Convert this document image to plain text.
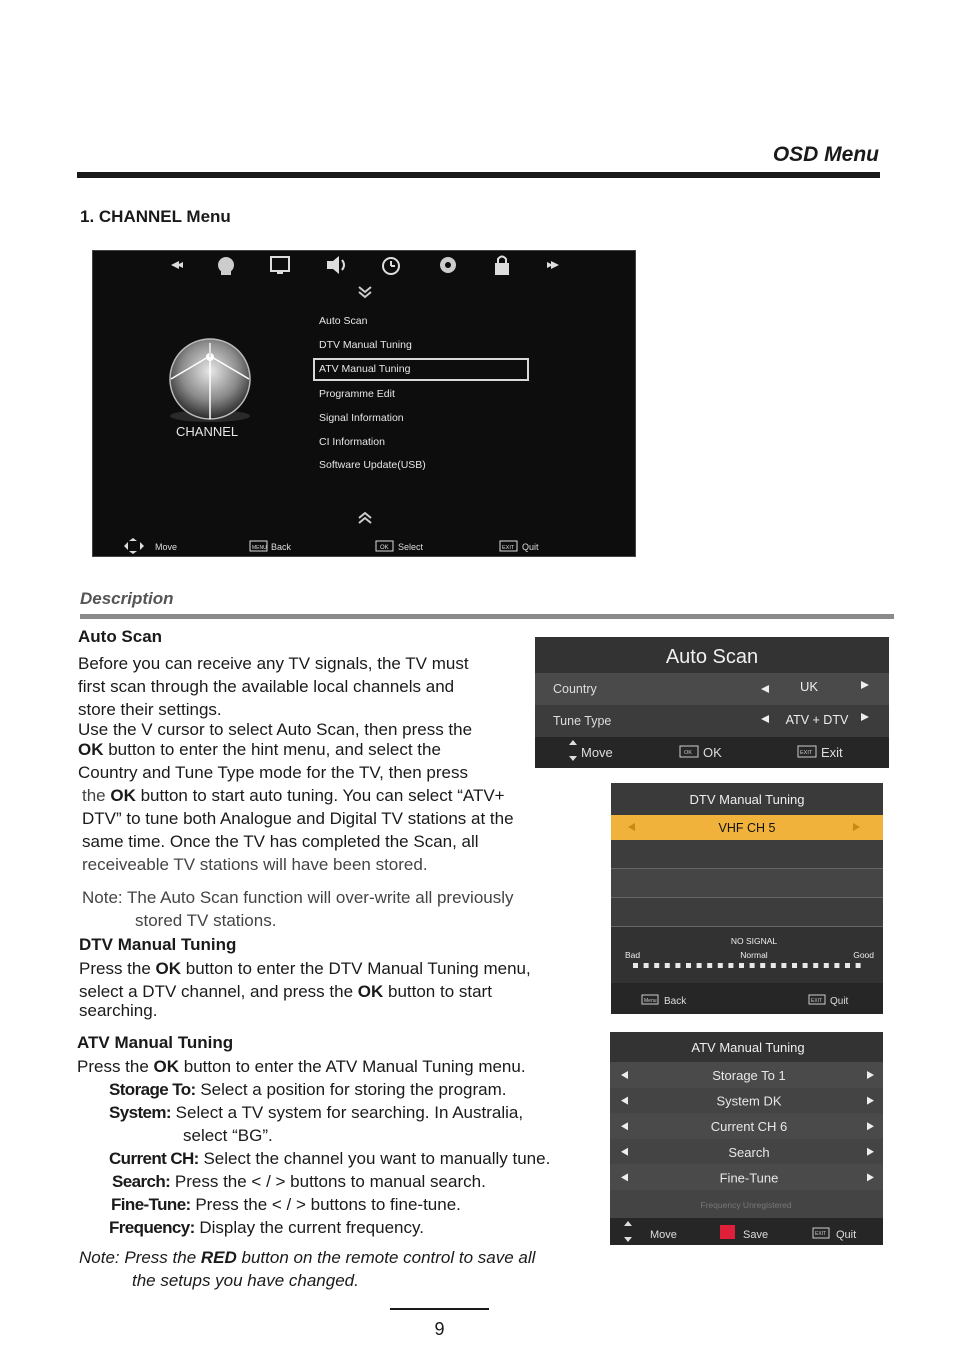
OSD Menu
1. CHANNEL Menu
CHANNEL
Auto Scan
DTV Manual Tuning
ATV Manual Tuning
Programme Edit
Signal Information
CI Information
Software Update(USB)
Move	MENU Back	OK Select	EXIT Quit
Description
Auto Scan
Before you can receive any TV signals, the TV must
first scan through the available local channels and
store their settings.
Use the V cursor to select Auto Scan, then press the
OK button to enter the hint menu, and select the
Country and Tune Type mode for the TV, then press
the OK button to start auto tuning. You can select “ATV+
DTV” to tune both Analogue and Digital TV stations at the
same time. Once the TV has completed the Scan, all
receiveable TV stations will have been stored.
Note: The Auto Scan function will over-write all previously
stored TV stations.
Auto Scan
Country	UK
Tune Type	ATV + DTV
Move	OK OK	EXIT Exit
DTV Manual Tuning
VHF CH 5
NO SIGNAL
Bad	Normal	Good
Menu Back	EXIT Quit
DTV Manual Tuning
Press the OK button to enter the DTV Manual Tuning menu,
select a DTV channel, and press the OK button to start
searching.
ATV Manual Tuning
Press the OK button to enter the ATV Manual Tuning menu.
Storage To: Select a position for storing the program.
System: Select a TV system for searching. In Australia,
select “BG”.
Current CH: Select the channel you want to manually tune.
Search: Press the < / > buttons to manual search.
Fine-Tune: Press the < / > buttons to fine-tune.
Frequency: Display the current frequency.
Note: Press the RED button on the remote control to save all
the setups you have changed.
ATV Manual Tuning
Storage To 1
System DK
Current CH 6
Search
Fine-Tune
Frequency Unregistered
Move	Save	EXIT Quit
9
